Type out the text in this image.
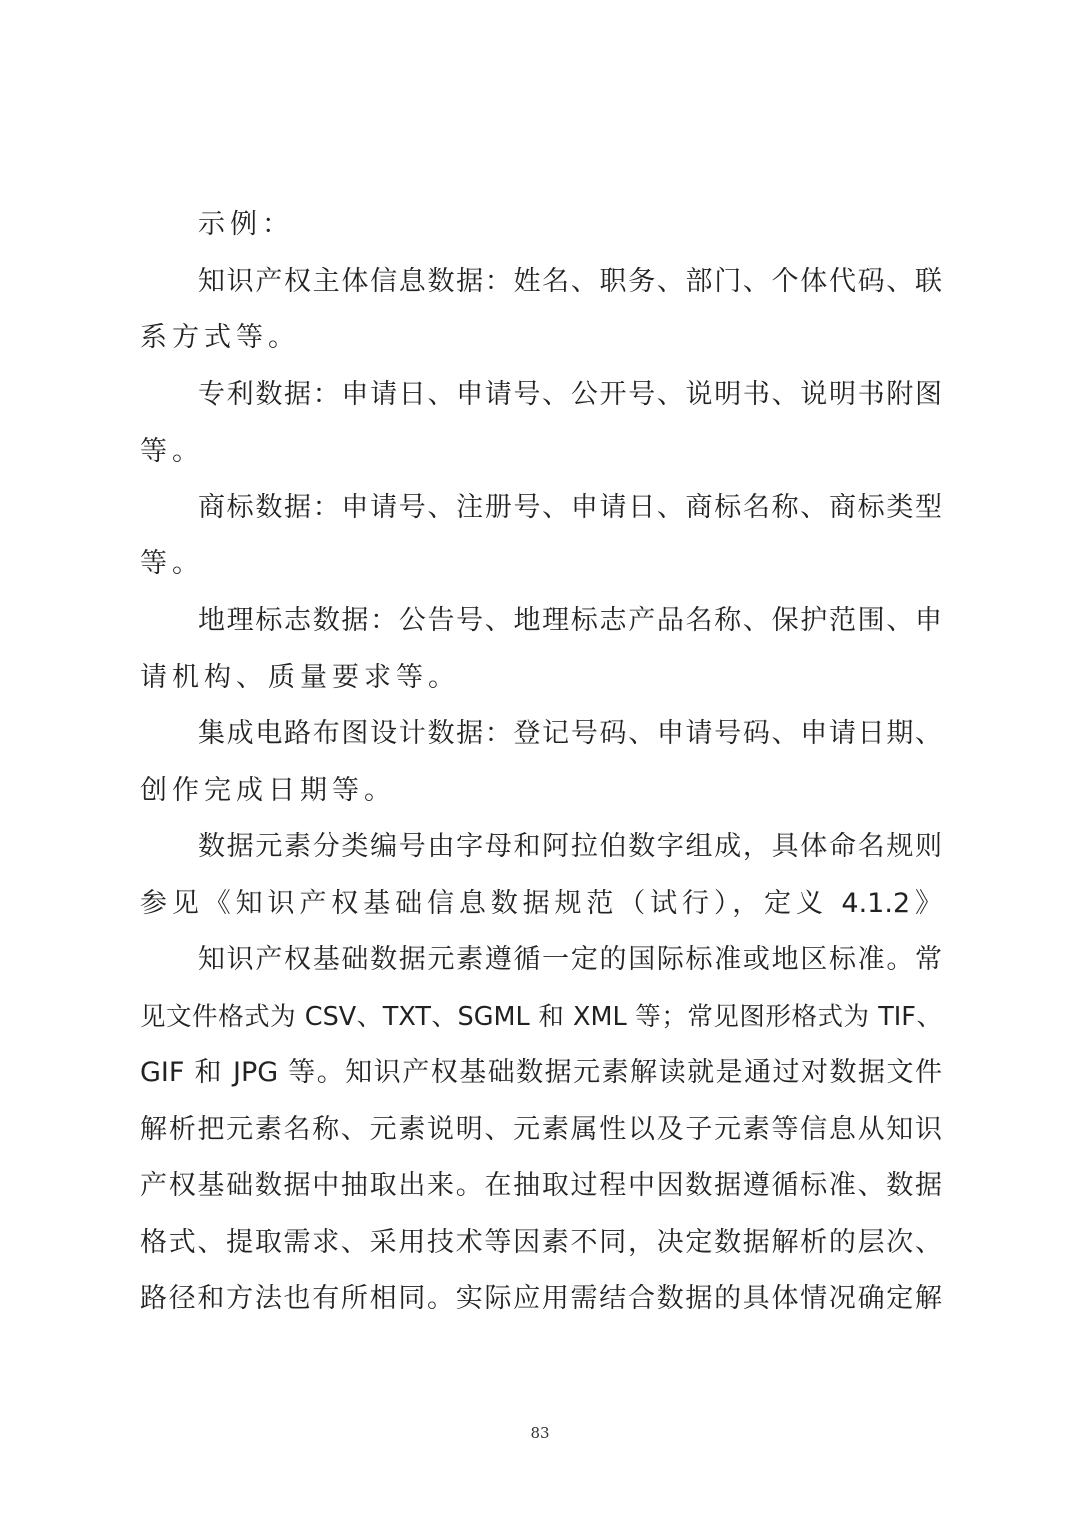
示例：
知识产权主体信息数据：姓名、职务、部门、个体代码、联
系方式等。
专利数据：申请日、申请号、公开号、说明书、说明书附图
等。
商标数据：申请号、注册号、申请日、商标名称、商标类型
等。
地理标志数据：公告号、地理标志产品名称、保护范围、申
请机构、质量要求等。
集成电路布图设计数据：登记号码、申请号码、申请日期、
创作完成日期等。
数据元素分类编号由字母和阿拉伯数字组成，具体命名规则
参见《知识产权基础信息数据规范（试行），定义 4.1.2》
知识产权基础数据元素遵循一定的国际标准或地区标准。常
见文件格式为 CSV、TXT、SGML 和 XML 等；常见图形格式为 TIF、
GIF 和 JPG 等。知识产权基础数据元素解读就是通过对数据文件
解析把元素名称、元素说明、元素属性以及子元素等信息从知识
产权基础数据中抽取出来。在抽取过程中因数据遵循标准、数据
格式、提取需求、采用技术等因素不同，决定数据解析的层次、
路径和方法也有所相同。实际应用需结合数据的具体情况确定解
83
